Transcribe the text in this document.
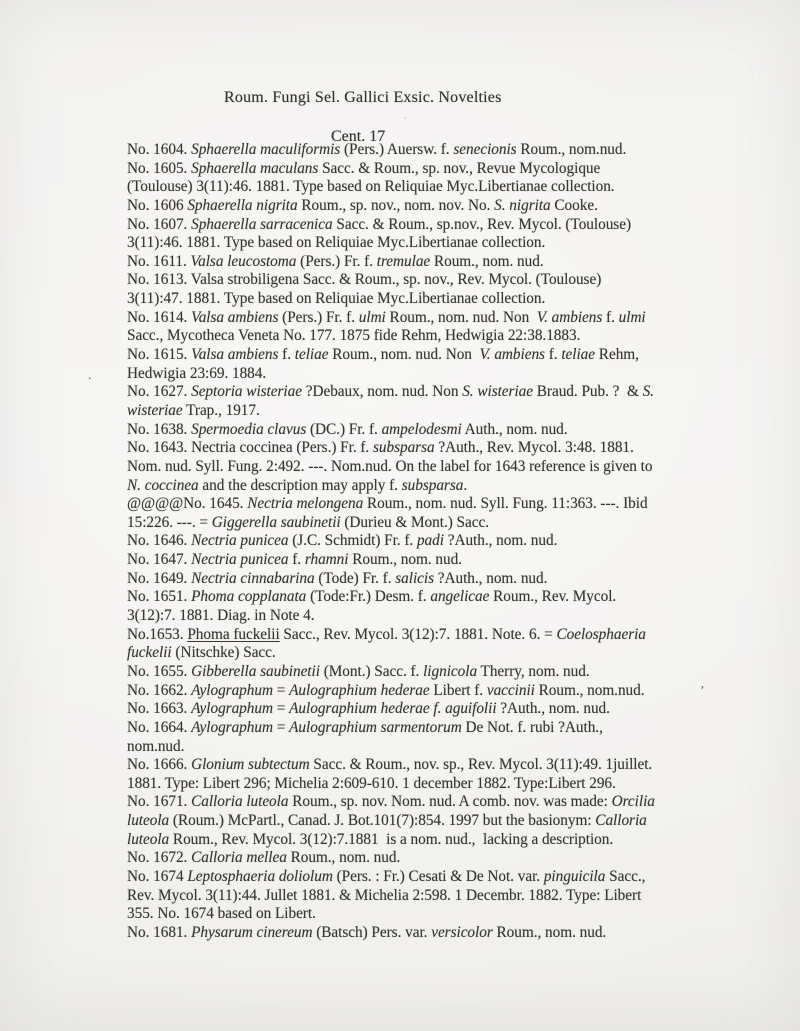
Roum. Fungi Sel. Gallici Exsic. Novelties
Cent. 17
No. 1604. Sphaerella maculiformis (Pers.) Auersw. f. senecionis Roum., nom.nud.
No. 1605. Sphaerella maculans Sacc. & Roum., sp. nov., Revue Mycologique
(Toulouse) 3(11):46. 1881. Type based on Reliquiae Myc.Libertianae collection.
No. 1606 Sphaerella nigrita Roum., sp. nov., nom. nov. No. S. nigrita Cooke.
No. 1607. Sphaerella sarracenica Sacc. & Roum., sp.nov., Rev. Mycol. (Toulouse)
3(11):46. 1881. Type based on Reliquiae Myc.Libertianae collection.
No. 1611. Valsa leucostoma (Pers.) Fr. f. tremulae Roum., nom. nud.
No. 1613. Valsa strobiligena Sacc. & Roum., sp. nov., Rev. Mycol. (Toulouse)
3(11):47. 1881. Type based on Reliquiae Myc.Libertianae collection.
No. 1614. Valsa ambiens (Pers.) Fr. f. ulmi Roum., nom. nud. Non  V. ambiens f. ulmi
Sacc., Mycotheca Veneta No. 177. 1875 fide Rehm, Hedwigia 22:38.1883.
No. 1615. Valsa ambiens f. teliae Roum., nom. nud. Non  V. ambiens f. teliae Rehm,
Hedwigia 23:69. 1884.
No. 1627. Septoria wisteriae ?Debaux, nom. nud. Non S. wisteriae Braud. Pub. ?  & S.
wisteriae Trap., 1917.
No. 1638. Spermoedia clavus (DC.) Fr. f. ampelodesmi Auth., nom. nud.
No. 1643. Nectria coccinea (Pers.) Fr. f. subsparsa ?Auth., Rev. Mycol. 3:48. 1881.
Nom. nud. Syll. Fung. 2:492. ---. Nom.nud. On the label for 1643 reference is given to
N. coccinea and the description may apply f. subsparsa.
@@@@No. 1645. Nectria melongena Roum., nom. nud. Syll. Fung. 11:363. ---. Ibid
15:226. ---. = Giggerella saubinetii (Durieu & Mont.) Sacc.
No. 1646. Nectria punicea (J.C. Schmidt) Fr. f. padi ?Auth., nom. nud.
No. 1647. Nectria punicea f. rhamni Roum., nom. nud.
No. 1649. Nectria cinnabarina (Tode) Fr. f. salicis ?Auth., nom. nud.
No. 1651. Phoma copplanata (Tode:Fr.) Desm. f. angelicae Roum., Rev. Mycol.
3(12):7. 1881. Diag. in Note 4.
No.1653. Phoma fuckelii Sacc., Rev. Mycol. 3(12):7. 1881. Note. 6. = Coelosphaeria
fuckelii (Nitschke) Sacc.
No. 1655. Gibberella saubinetii (Mont.) Sacc. f. lignicola Therry, nom. nud.
No. 1662. Aylographum = Aulographium hederae Libert f. vaccinii Roum., nom.nud.
No. 1663. Aylographum = Aulographium hederae f. aguifolii ?Auth., nom. nud.
No. 1664. Aylographum = Aulographium sarmentorum De Not. f. rubi ?Auth.,
nom.nud.
No. 1666. Glonium subtectum Sacc. & Roum., nov. sp., Rev. Mycol. 3(11):49. 1juillet.
1881. Type: Libert 296; Michelia 2:609-610. 1 december 1882. Type:Libert 296.
No. 1671. Calloria luteola Roum., sp. nov. Nom. nud. A comb. nov. was made: Orcilia
luteola (Roum.) McPartl., Canad. J. Bot.101(7):854. 1997 but the basionym: Calloria
luteola Roum., Rev. Mycol. 3(12):7.1881  is a nom. nud.,  lacking a description.
No. 1672. Calloria mellea Roum., nom. nud.
No. 1674 Leptosphaeria doliolum (Pers. : Fr.) Cesati & De Not. var. pinguicila Sacc.,
Rev. Mycol. 3(11):44. Jullet 1881. & Michelia 2:598. 1 Decembr. 1882. Type: Libert
355. No. 1674 based on Libert.
No. 1681. Physarum cinereum (Batsch) Pers. var. versicolor Roum., nom. nud.
.
’
·
